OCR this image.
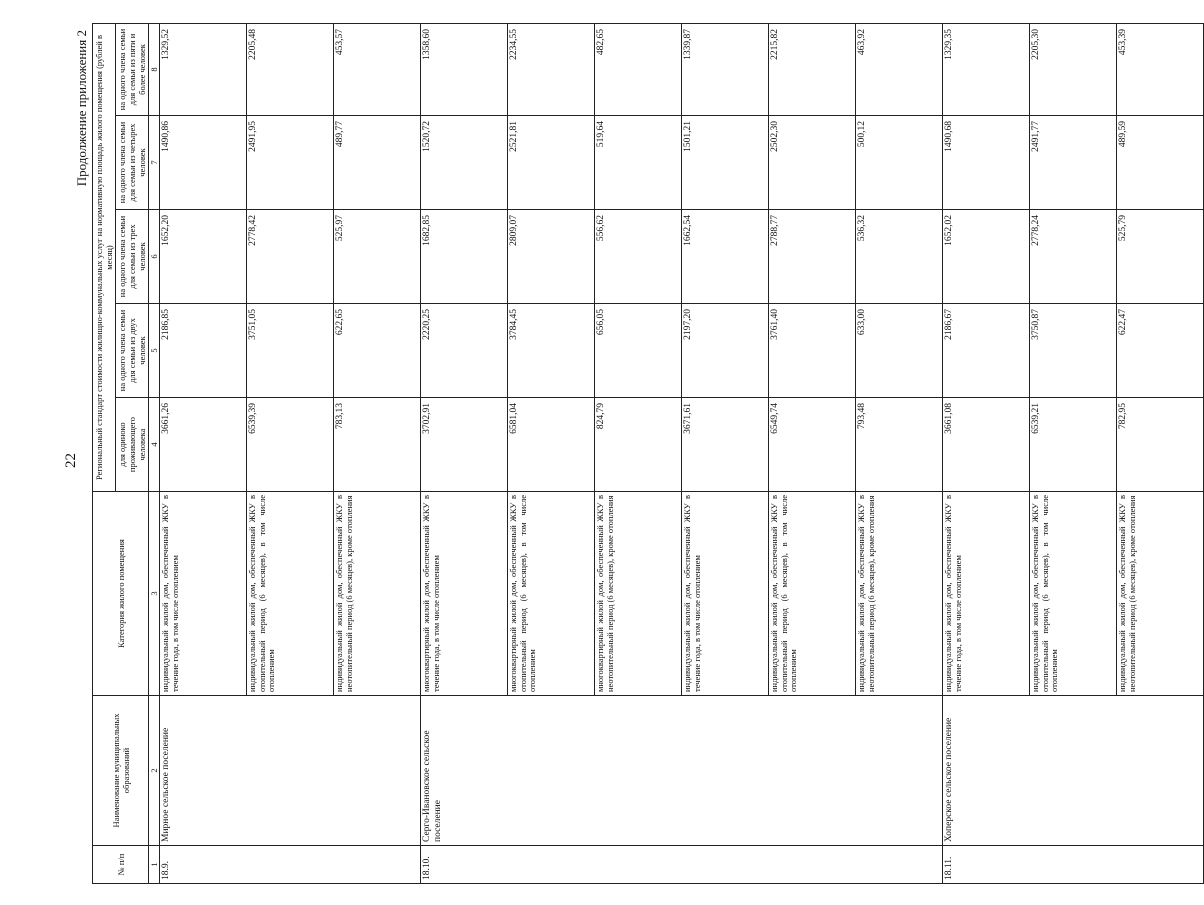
22
Продолжение приложения 2
№ п/п	Наименование муниципальных образований	Категория жилого помещения	Региональный стандарт стоимости жилищно-коммунальных услуг на нормативную площадь жилого помещения (рублей в месяц)				
			для одиноко проживающего человека	на одного члена семьи для семьи из двух человек	на одного члена семьи для семьи из трех человек	на одного члена семьи для семьи из четырех человек	на одного члена семьи для семьи из пяти и более человек
1	2	3	4	5	6	7	8
18.9.	Мирное сельское поселение	индивидуальный жилой дом, обеспеченный ЖКУ в течение года, в том числе отоплением	3661,26	2186,85	1652,20	1490,86	1329,52
		индивидуальный жилой дом, обеспеченный ЖКУ в отопительный период (6 месяцев), в том числе отоплением	6539,39	3751,05	2778,42	2491,95	2205,48
		индивидуальный жилой дом, обеспеченный ЖКУ в неотопительный период (6 месяцев), кроме отопления	783,13	622,65	525,97	489,77	453,57
18.10.	Серго-Ивановское сельское поселение	многоквартирный жилой дом, обеспеченный ЖКУ в течение года, в том числе отоплением	3702,91	2220,25	1682,85	1520,72	1358,60
		многоквартирный жилой дом, обеспеченный ЖКУ в отопительный период (6 месяцев), в том числе отоплением	6581,04	3784,45	2809,07	2521,81	2234,55
		многоквартирный жилой дом, обеспеченный ЖКУ в неотопительный период (6 месяцев), кроме отопления	824,79	656,05	556,62	519,64	482,65
		индивидуальный жилой дом, обеспеченный ЖКУ в течение года, в том числе отоплением	3671,61	2197,20	1662,54	1501,21	1339,87
		индивидуальный жилой дом, обеспеченный ЖКУ в отопительный период (6 месяцев), в том числе отоплением	6549,74	3761,40	2788,77	2502,30	2215,82
		индивидуальный жилой дом, обеспеченный ЖКУ в неотопительный период (6 месяцев), кроме отопления	793,48	633,00	536,32	500,12	463,92
18.11.	Хоперское сельское поселение	индивидуальный жилой дом, обеспеченный ЖКУ в течение года, в том числе отоплением	3661,08	2186,67	1652,02	1490,68	1329,35
		индивидуальный жилой дом, обеспеченный ЖКУ в отопительный период (6 месяцев), в том числе отоплением	6539,21	3750,87	2778,24	2491,77	2205,30
		индивидуальный жилой дом, обеспеченный ЖКУ в неотопительный период (6 месяцев), кроме отопления	782,95	622,47	525,79	489,59	453,39
